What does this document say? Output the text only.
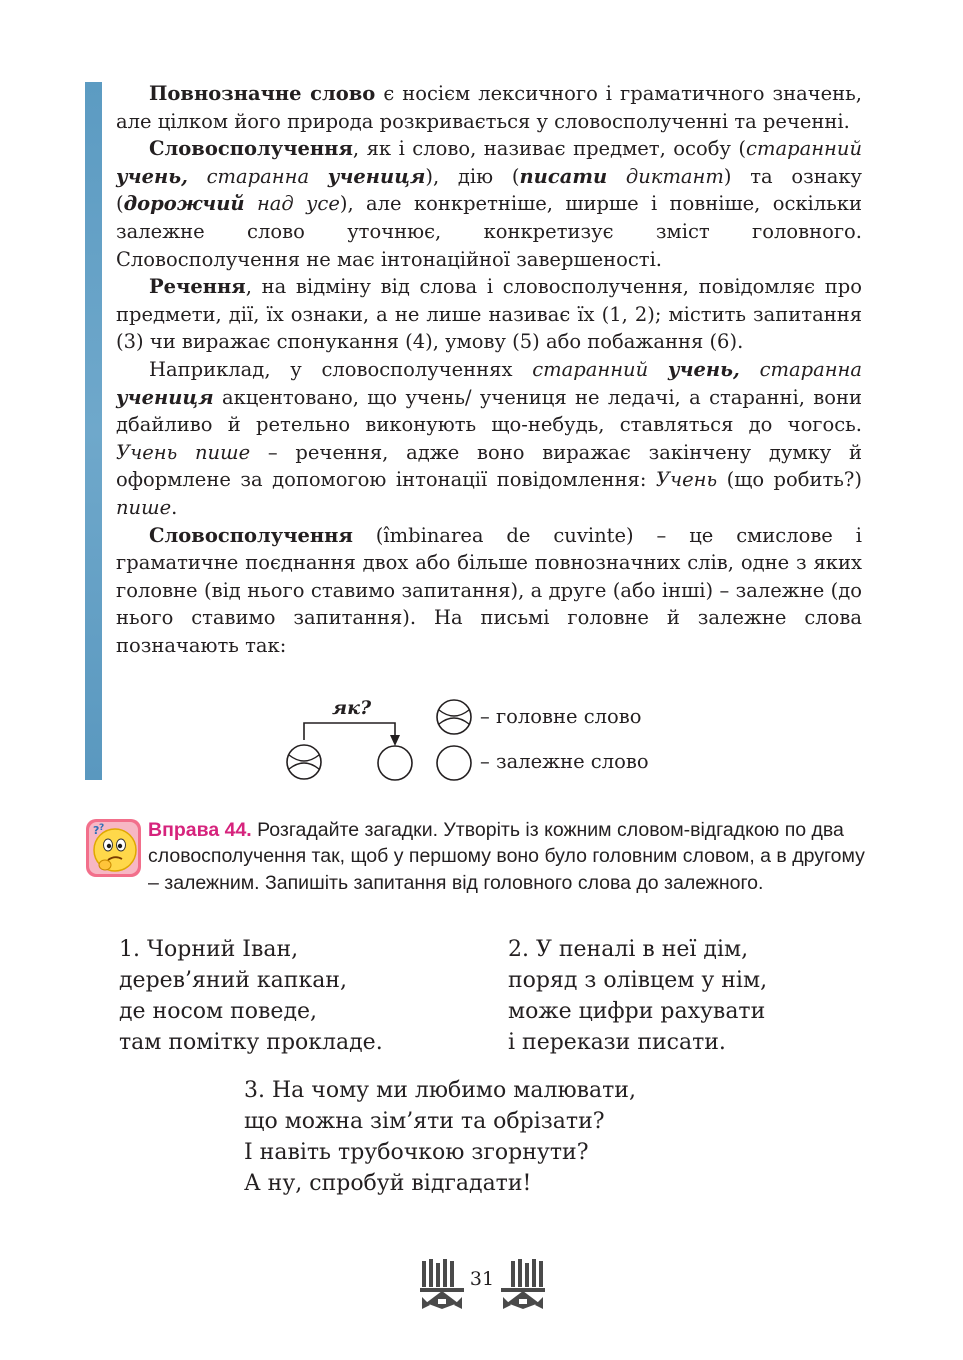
Повнозначне слово є носієм лексичного і граматичного значень, але цілком його природа розкривається у словосполученні та реченні.

Словосполучення, як і слово, називає предмет, особу (старанний учень, старанна учениця), дію (писати диктант) та ознаку (дорожчий над усе), але конкретніше, ширше і повніше, оскільки залежне слово уточнює, конкретизує зміст головного. Словосполучення не має інтонаційної завершеності.

Речення, на відміну від слова і словосполучення, повідомляє про предмети, дії, їх ознаки, а не лише називає їх (1, 2); містить запитання (3) чи виражає спонукання (4), умову (5) або побажання (6).

Наприклад, у словосполученнях старанний учень, старанна учениця акцентовано, що учень/ учениця не ледачі, а старанні, вони дбайливо й ретельно виконують що-небудь, ставляться до чогось. Учень пише – речення, адже воно виражає закінчену думку й оформлене за допомогою інтонації повідомлення: Учень (що робить?) пише.

Словосполучення (îmbinarea de cuvinte) – це смислове і граматичне поєднання двох або більше повнозначних слів, одне з яких головне (від нього ставимо запитання), а друге (або інші) – залежне (до нього ставимо запитання). На письмі головне й залежне слова позначають так:

як?	– головне слово
– залежне слово
? ? Вправа 44. Розгадайте загадки. Утворіть із кожним словом-відгадкою по два словосполучення так, щоб у першому воно було головним словом, а в другому – залежним. Запишіть запитання від головного слова до залежного.
1. Чорний Іван,
дерев’яний капкан,
де носом поведе,
там помітку прокладе.
2. У пеналі в неї дім,
поряд з олівцем у нім,
може цифри рахувати
і перекази писати.
3. На чому ми любимо малювати,
що можна зім’яти та обрізати?
І навіть трубочкою згорнути?
А ну, спробуй відгадати!
31
